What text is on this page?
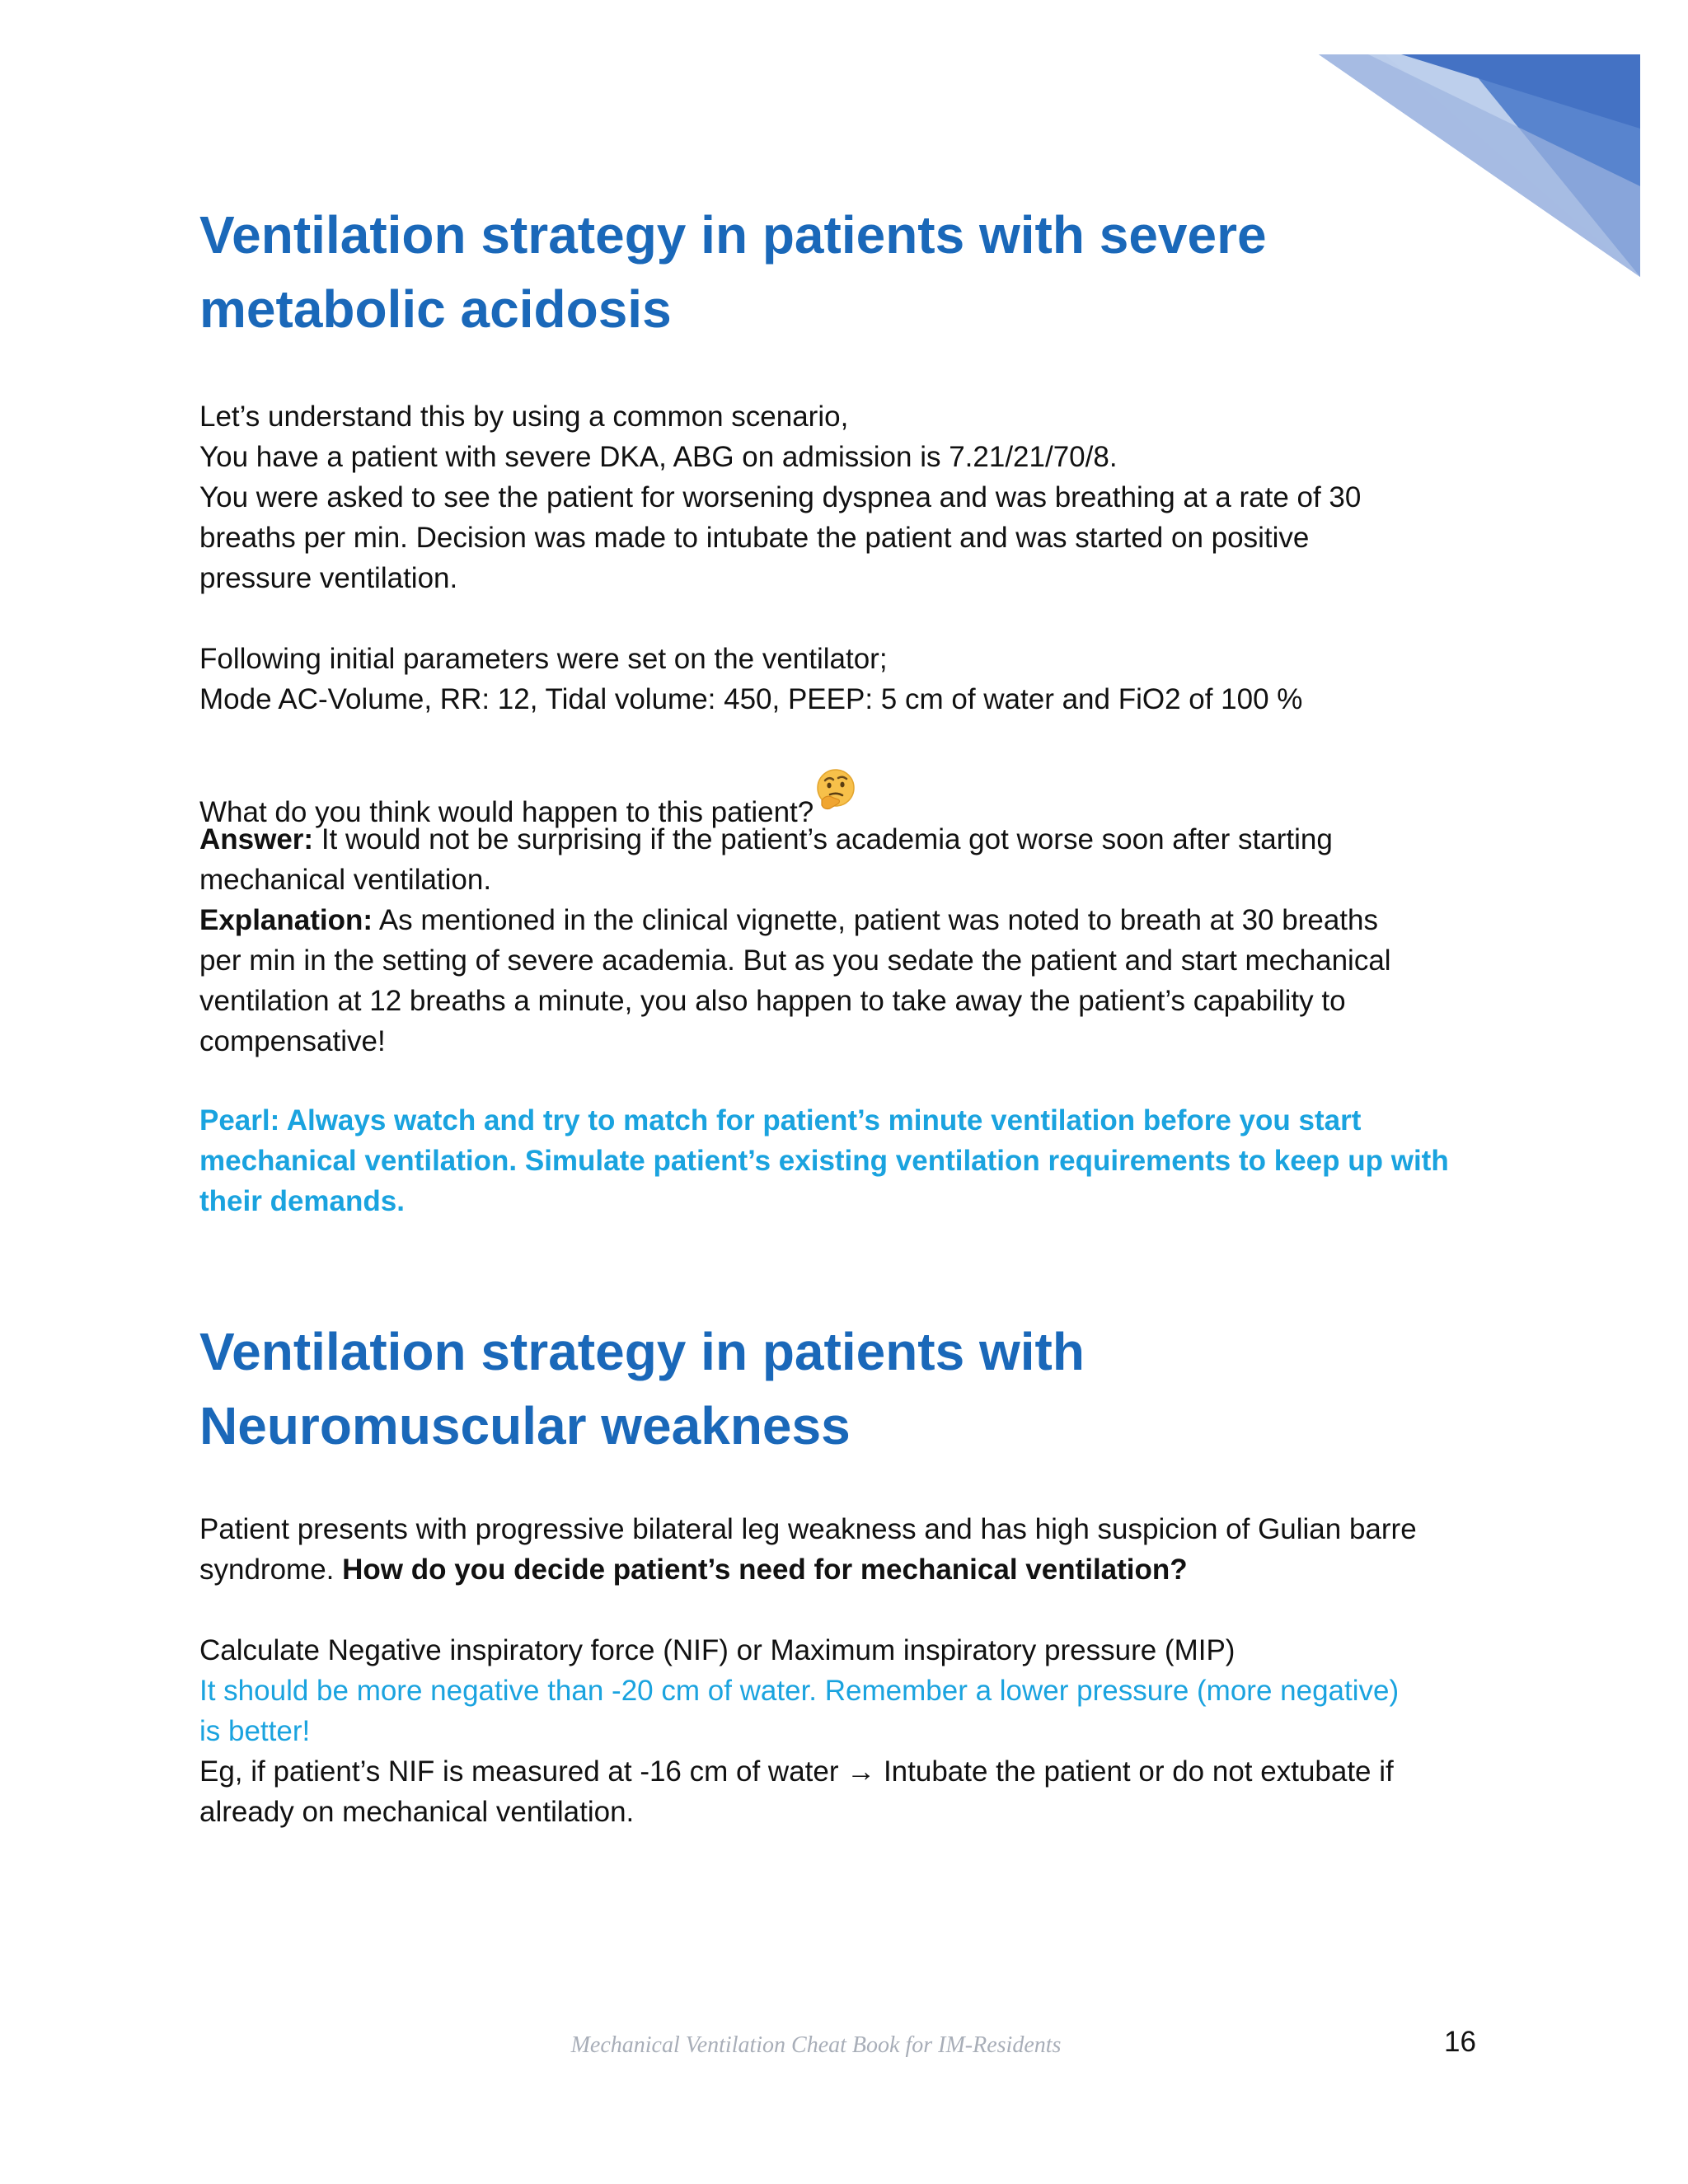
Ventilation strategy in patients with severe
metabolic acidosis
Let’s understand this by using a common scenario,
You have a patient with severe DKA, ABG on admission is 7.21/21/70/8.
You were asked to see the patient for worsening dyspnea and was breathing at a rate of 30
breaths per min. Decision was made to intubate the patient and was started on positive
pressure ventilation.
Following initial parameters were set on the ventilator;
Mode AC-Volume, RR: 12, Tidal volume: 450, PEEP: 5 cm of water and FiO2 of 100 %
What do you think would happen to this patient?
Answer: It would not be surprising if the patient’s academia got worse soon after starting
mechanical ventilation.
Explanation: As mentioned in the clinical vignette, patient was noted to breath at 30 breaths
per min in the setting of severe academia. But as you sedate the patient and start mechanical
ventilation at 12 breaths a minute, you also happen to take away the patient’s capability to
compensative!
Pearl: Always watch and try to match for patient’s minute ventilation before you start
mechanical ventilation. Simulate patient’s existing ventilation requirements to keep up with
their demands.
Ventilation strategy in patients with
Neuromuscular weakness
Patient presents with progressive bilateral leg weakness and has high suspicion of Gulian barre
syndrome. How do you decide patient’s need for mechanical ventilation?
Calculate Negative inspiratory force (NIF) or Maximum inspiratory pressure (MIP)
It should be more negative than -20 cm of water. Remember a lower pressure (more negative)
is better!
Eg, if patient’s NIF is measured at -16 cm of water → Intubate the patient or do not extubate if
already on mechanical ventilation.
Mechanical Ventilation Cheat Book for IM-Residents	16
